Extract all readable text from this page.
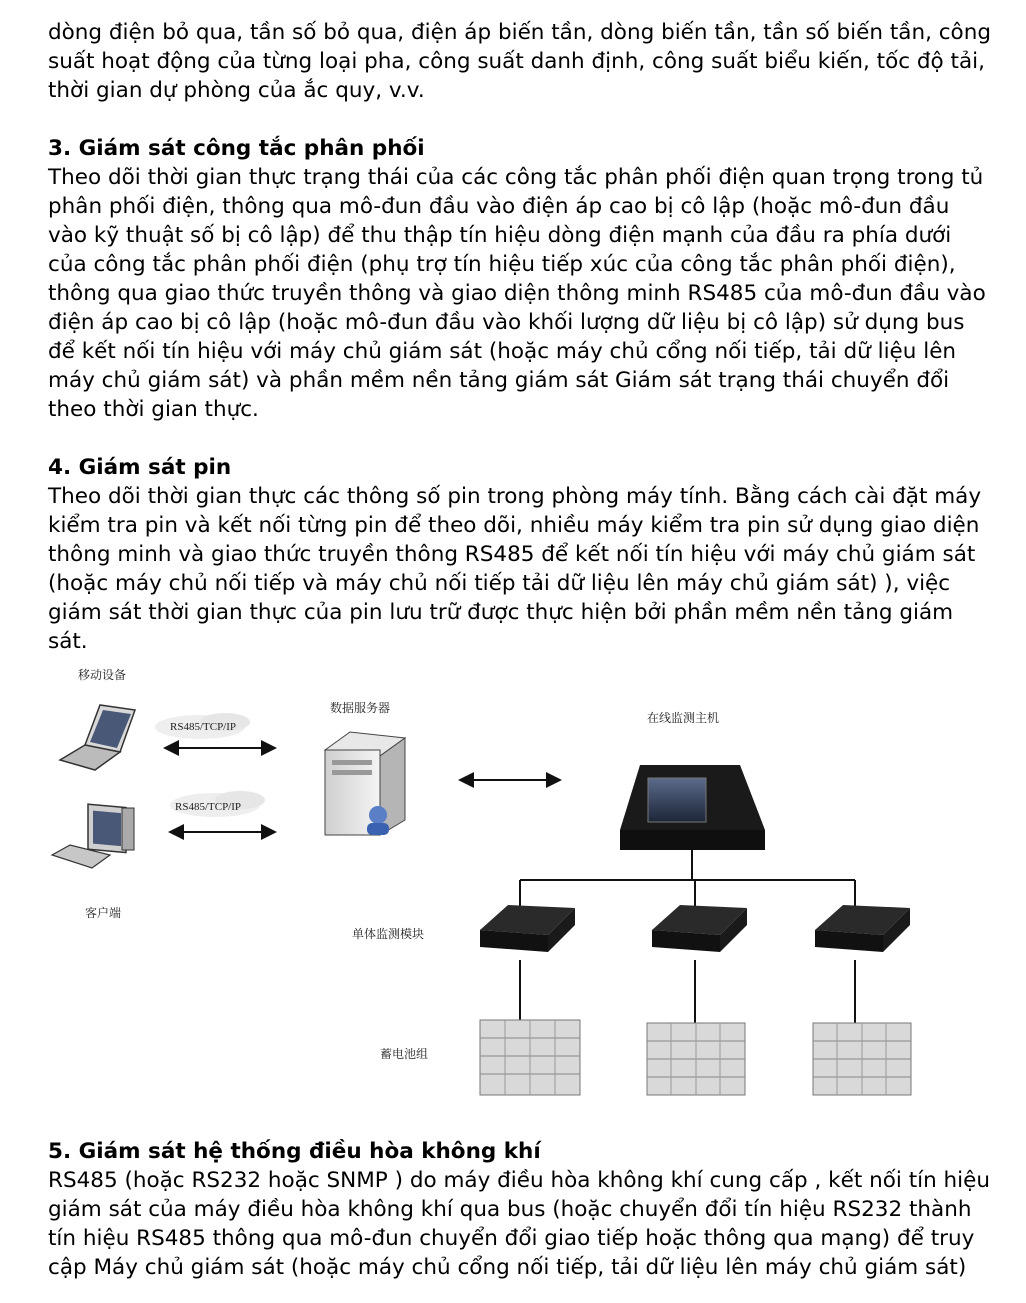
dòng điện bỏ qua, tần số bỏ qua, điện áp biến tần, dòng biến tần, tần số biến tần, công
suất hoạt động của từng loại pha, công suất danh định, công suất biểu kiến, tốc độ tải,
thời gian dự phòng của ắc quy, v.v.

3. Giám sát công tắc phân phối

Theo dõi thời gian thực trạng thái của các công tắc phân phối điện quan trọng trong tủ
phân phối điện, thông qua mô-đun đầu vào điện áp cao bị cô lập (hoặc mô-đun đầu
vào kỹ thuật số bị cô lập) để thu thập tín hiệu dòng điện mạnh của đầu ra phía dưới
của công tắc phân phối điện (phụ trợ tín hiệu tiếp xúc của công tắc phân phối điện),
thông qua giao thức truyền thông và giao diện thông minh RS485 của mô-đun đầu vào
điện áp cao bị cô lập (hoặc mô-đun đầu vào khối lượng dữ liệu bị cô lập) sử dụng bus
để kết nối tín hiệu với máy chủ giám sát (hoặc máy chủ cổng nối tiếp, tải dữ liệu lên
máy chủ giám sát) và phần mềm nền tảng giám sát Giám sát trạng thái chuyển đổi
theo thời gian thực.

4. Giám sát pin

Theo dõi thời gian thực các thông số pin trong phòng máy tính. Bằng cách cài đặt máy
kiểm tra pin và kết nối từng pin để theo dõi, nhiều máy kiểm tra pin sử dụng giao diện
thông minh và giao thức truyền thông RS485 để kết nối tín hiệu với máy chủ giám sát
(hoặc máy chủ nối tiếp và máy chủ nối tiếp tải dữ liệu lên máy chủ giám sát) ), việc
giám sát thời gian thực của pin lưu trữ được thực hiện bởi phần mềm nền tảng giám
sát.

移动设备
客户端
RS485/TCP/IP
RS485/TCP/IP
数据服务器
在线监测主机
单体监测模块
蓄电池组

5. Giám sát hệ thống điều hòa không khí

RS485 (hoặc RS232 hoặc SNMP ) do máy điều hòa không khí cung cấp , kết nối tín hiệu
giám sát của máy điều hòa không khí qua bus (hoặc chuyển đổi tín hiệu RS232 thành
tín hiệu RS485 thông qua mô-đun chuyển đổi giao tiếp hoặc thông qua mạng) để truy
cập Máy chủ giám sát (hoặc máy chủ cổng nối tiếp, tải dữ liệu lên máy chủ giám sát)
